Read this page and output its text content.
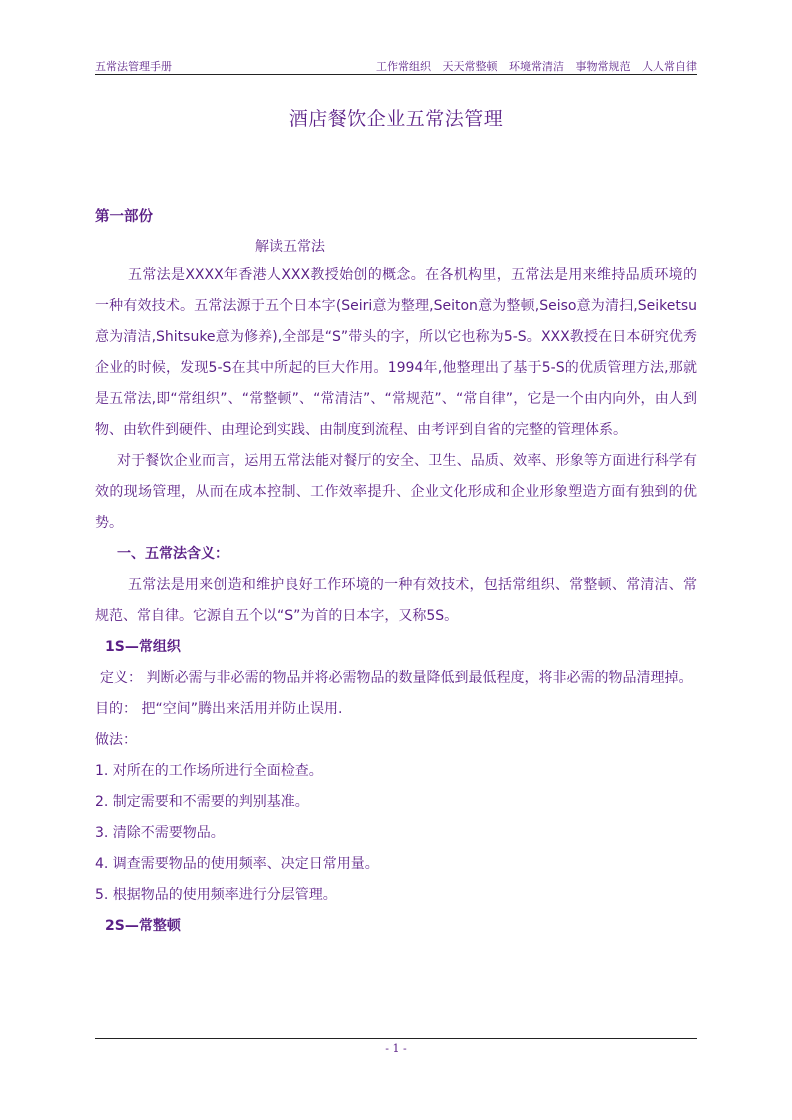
五常法管理手册	工作常组织 天天常整顿 环境常清洁 事物常规范 人人常自律
酒店餐饮企业五常法管理
第一部份
解读五常法

五常法是XXXX年香港人XXX教授始创的概念。在各机构里，五常法是用来维持品质环境的一种有效技术。五常法源于五个日本字(Seiri意为整理,Seiton意为整顿,Seiso意为清扫,Seiketsu意为清洁,Shitsuke意为修养),全部是“S”带头的字，所以它也称为5-S。XXX教授在日本研究优秀企业的时候，发现5-S在其中所起的巨大作用。1994年,他整理出了基于5-S的优质管理方法,那就是五常法,即“常组织”、“常整顿”、“常清洁”、“常规范”、“常自律”，它是一个由内向外，由人到物、由软件到硬件、由理论到实践、由制度到流程、由考评到自省的完整的管理体系。

对于餐饮企业而言，运用五常法能对餐厅的安全、卫生、品质、效率、形象等方面进行科学有效的现场管理，从而在成本控制、工作效率提升、企业文化形成和企业形象塑造方面有独到的优势。

一、五常法含义：

五常法是用来创造和维护良好工作环境的一种有效技术，包括常组织、常整顿、常清洁、常规范、常自律。它源自五个以“S”为首的日本字，又称5S。

1S—常组织

定义： 判断必需与非必需的物品并将必需物品的数量降低到最低程度，将非必需的物品清理掉。

目的： 把“空间”腾出来活用并防止误用.

做法：

1. 对所在的工作场所进行全面检查。

2. 制定需要和不需要的判别基准。

3. 清除不需要物品。

4. 调查需要物品的使用频率、决定日常用量。

5. 根据物品的使用频率进行分层管理。

2S—常整顿

- 1 -
